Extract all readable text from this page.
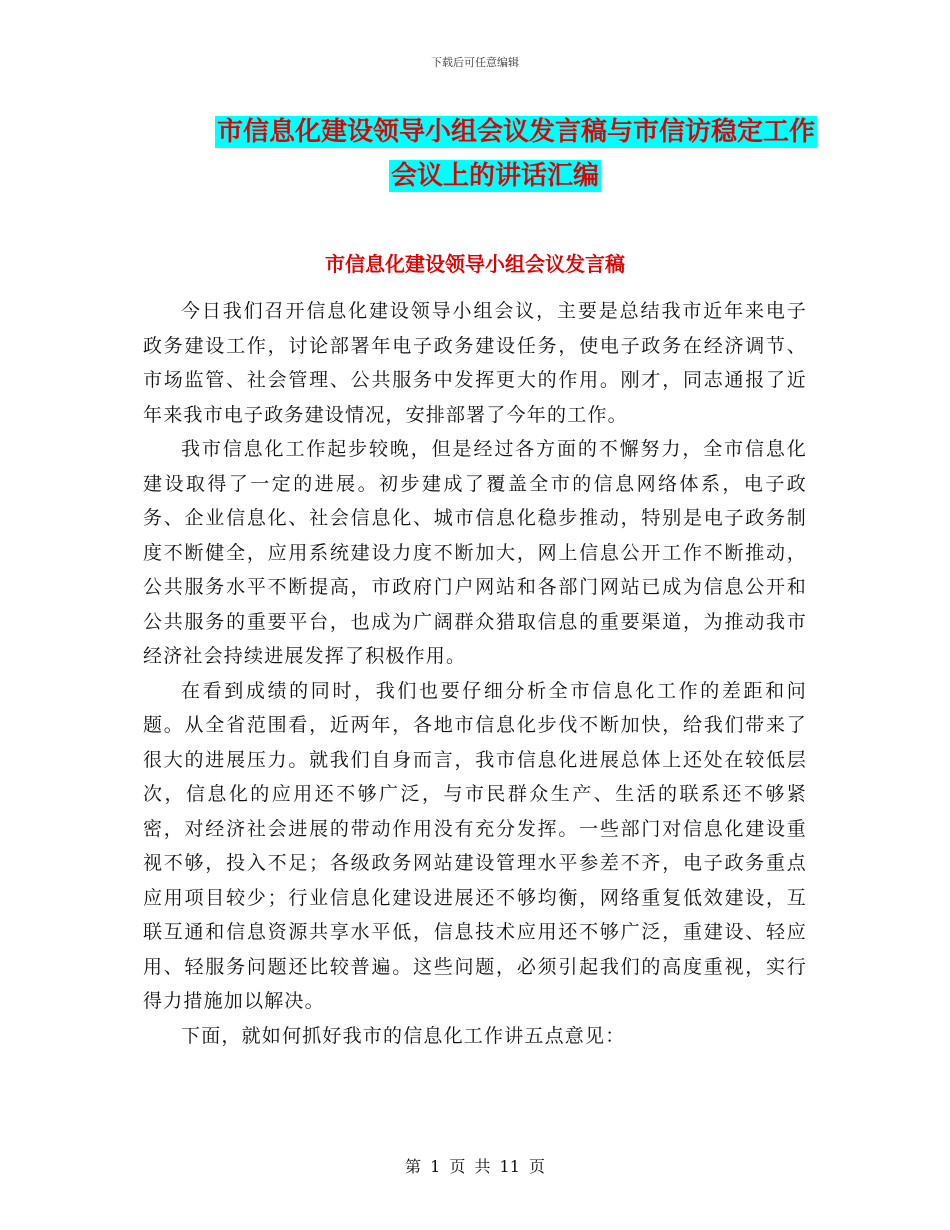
下载后可任意编辑
市信息化建设领导小组会议发言稿与市信访稳定工作
会议上的讲话汇编
市信息化建设领导小组会议发言稿

今日我们召开信息化建设领导小组会议，主要是总结我市近年来电子政务建设工作，讨论部署年电子政务建设任务，使电子政务在经济调节、市场监管、社会管理、公共服务中发挥更大的作用。刚才，同志通报了近年来我市电子政务建设情况，安排部署了今年的工作。

我市信息化工作起步较晚，但是经过各方面的不懈努力，全市信息化建设取得了一定的进展。初步建成了覆盖全市的信息网络体系，电子政务、企业信息化、社会信息化、城市信息化稳步推动，特别是电子政务制度不断健全，应用系统建设力度不断加大，网上信息公开工作不断推动，公共服务水平不断提高，市政府门户网站和各部门网站已成为信息公开和公共服务的重要平台，也成为广阔群众猎取信息的重要渠道，为推动我市经济社会持续进展发挥了积极作用。

在看到成绩的同时，我们也要仔细分析全市信息化工作的差距和问题。从全省范围看，近两年，各地市信息化步伐不断加快，给我们带来了很大的进展压力。就我们自身而言，我市信息化进展总体上还处在较低层次，信息化的应用还不够广泛，与市民群众生产、生活的联系还不够紧密，对经济社会进展的带动作用没有充分发挥。一些部门对信息化建设重视不够，投入不足；各级政务网站建设管理水平参差不齐，电子政务重点应用项目较少；行业信息化建设进展还不够均衡，网络重复低效建设，互联互通和信息资源共享水平低，信息技术应用还不够广泛，重建设、轻应用、轻服务问题还比较普遍。这些问题，必须引起我们的高度重视，实行得力措施加以解决。

下面，就如何抓好我市的信息化工作讲五点意见：

第 1 页 共 11 页
